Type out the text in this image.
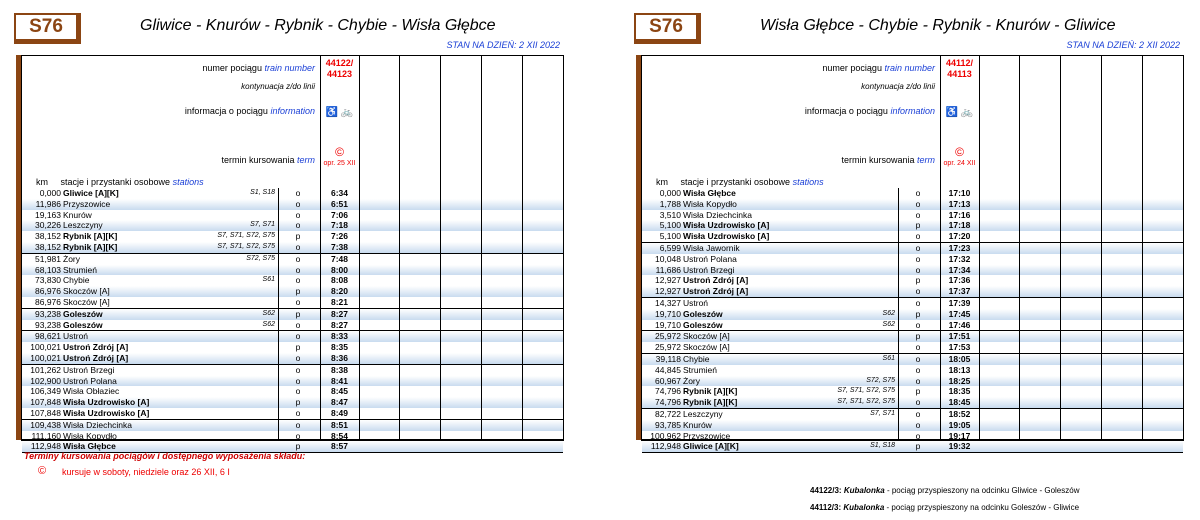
S76	Gliwice - Knurów - Rybnik - Chybie - Wisła Głębce
STAN NA DZIEŃ: 2 XII 2022
numer pociągu train number
kontynuacja z/do linii
informacja o pociągu information
termin kursowania term
44122/
44123
♿ 🚲
©
opr. 25 XII
km stacje i przystanki osobowe stations
0,000 Gliwice [A][K]	S1, S18	o	6:34
11,986 Przyszowice	o	6:51
19,163 Knurów	o	7:06
30,226 Leszczyny	S7, S71	o	7:18
38,152 Rybnik [A][K]	S7, S71, S72, S75	p	7:26
38,152 Rybnik [A][K]	S7, S71, S72, S75	o	7:38
51,981 Żory	S72, S75	o	7:48
68,103 Strumień	o	8:00
73,830 Chybie	S61	o	8:08
86,976 Skoczów [A]	p	8:20
86,976 Skoczów [A]	o	8:21
93,238 Goleszów	S62	p	8:27
93,238 Goleszów	S62	o	8:27
98,621 Ustroń	o	8:33
100,021 Ustroń Zdrój [A]	p	8:35
100,021 Ustroń Zdrój [A]	o	8:36
101,262 Ustroń Brzegi	o	8:38
102,900 Ustroń Polana	o	8:41
106,349 Wisła Obłaziec	o	8:45
107,848 Wisła Uzdrowisko [A]	p	8:47
107,848 Wisła Uzdrowisko [A]	o	8:49
109,438 Wisła Dziechcinka	o	8:51
111,160 Wisła Kopydło	o	8:54
112,948 Wisła Głębce	p	8:57
S76	Wisła Głębce - Chybie - Rybnik - Knurów - Gliwice
STAN NA DZIEŃ: 2 XII 2022
numer pociągu train number
kontynuacja z/do linii
informacja o pociągu information
termin kursowania term
44112/
44113
♿ 🚲
©
opr. 24 XII
km stacje i przystanki osobowe stations
0,000 Wisła Głębce	o	17:10
1,788 Wisła Kopydło	o	17:13
3,510 Wisła Dziechcinka	o	17:16
5,100 Wisła Uzdrowisko [A]	p	17:18
5,100 Wisła Uzdrowisko [A]	o	17:20
6,599 Wisła Jawornik	o	17:23
10,048 Ustroń Polana	o	17:32
11,686 Ustroń Brzegi	o	17:34
12,927 Ustroń Zdrój [A]	p	17:36
12,927 Ustroń Zdrój [A]	o	17:37
14,327 Ustroń	o	17:39
19,710 Goleszów	S62	p	17:45
19,710 Goleszów	S62	o	17:46
25,972 Skoczów [A]	p	17:51
25,972 Skoczów [A]	o	17:53
39,118 Chybie	S61	o	18:05
44,845 Strumień	o	18:13
60,967 Żory	S72, S75	o	18:25
74,796 Rybnik [A][K]	S7, S71, S72, S75	p	18:35
74,796 Rybnik [A][K]	S7, S71, S72, S75	o	18:45
82,722 Leszczyny	S7, S71	o	18:52
93,785 Knurów	o	19:05
100,962 Przyszowice	o	19:17
112,948 Gliwice [A][K]	S1, S18	p	19:32
Terminy kursowania pociągów i dostępnego wyposażenia składu:
© kursuje w soboty, niedziele oraz 26 XII, 6 I
44122/3: Kubalonka - pociąg przyspieszony na odcinku Gliwice - Goleszów
44112/3: Kubalonka - pociąg przyspieszony na odcinku Goleszów - Gliwice
